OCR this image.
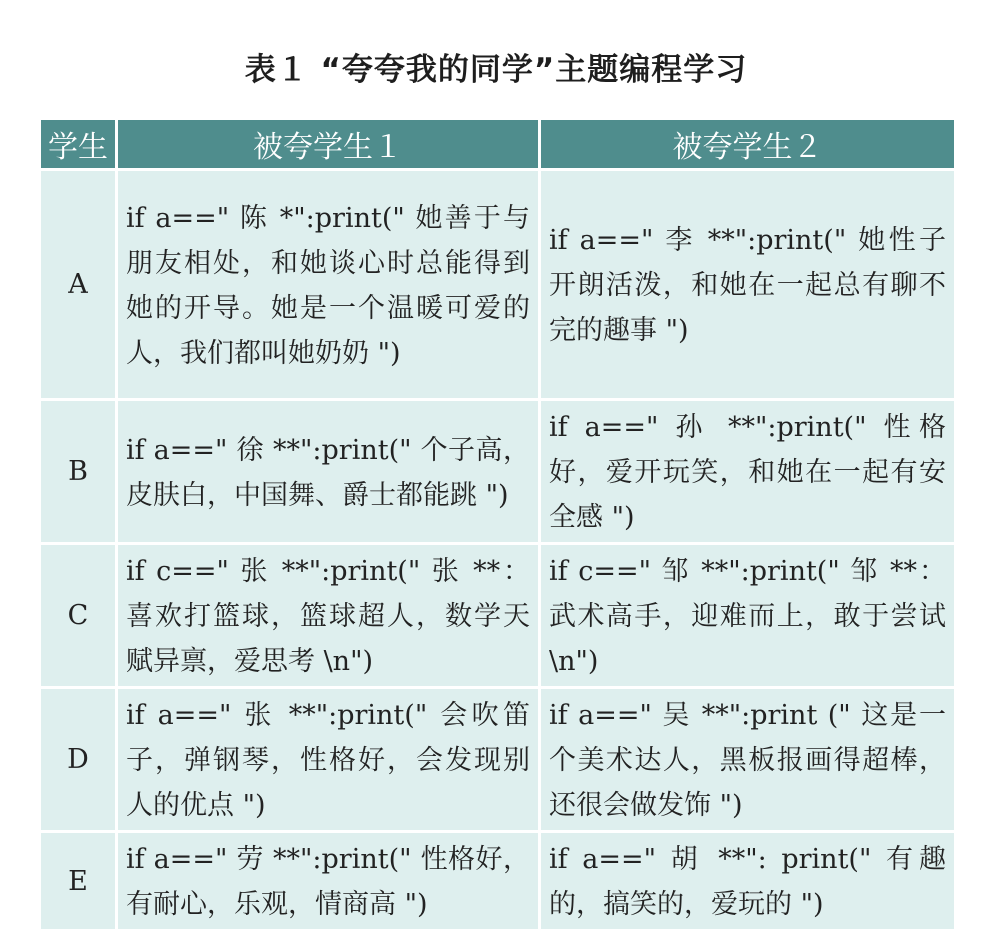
表１ “夸夸我的同学”主题编程学习
学生	被夸学生１	被夸学生２
A	if a==" 陈 *":print(" 她善于与朋友相处，和她谈心时总能得到她的开导。她是一个温暖可爱的人，我们都叫她奶奶 ")	if a==" 李 **":print(" 她性子开朗活泼，和她在一起总有聊不完的趣事 ")
B	if a==" 徐 **":print(" 个子高，皮肤白，中国舞、爵士都能跳 ")	if a==" 孙 **":print(" 性格好，爱开玩笑，和她在一起有安全感 ")
C	if c==" 张 **":print(" 张 **：喜欢打篮球，篮球超人，数学天赋异禀，爱思考 \n")	if c==" 邹 **":print(" 邹 **：武术高手，迎难而上，敢于尝试 \n")
D	if a==" 张 **":print(" 会吹笛子，弹钢琴，性格好，会发现别人的优点 ")	if a==" 吴 **":print (" 这是一个美术达人，黑板报画得超棒，还很会做发饰 ")
E	if a==" 劳 **":print(" 性格好，有耐心，乐观，情商高 ")	if a==" 胡 **": print(" 有趣的，搞笑的，爱玩的 ")
